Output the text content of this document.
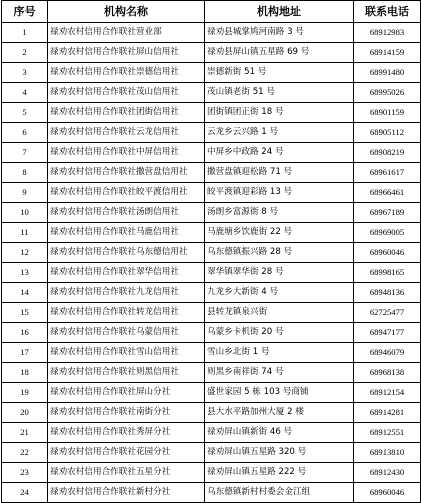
序号	机构名称	机构地址	联系电话
1	禄劝农村信用合作联社营业部	禄劝县城掌鸠河南路 3 号	68912983
2	禄劝农村信用合作联社屏山信用社	禄劝县屏山镇五星路 69 号	68914159
3	禄劝农村信用合作联社崇德信用社	崇德新街 51 号	68991480
4	禄劝农村信用合作联社茂山信用社	茂山镇老街 51 号	68995026
5	禄劝农村信用合作联社团街信用社	团街镇团正街 18 号	68901159
6	禄劝农村信用合作联社云龙信用社	云龙乡云兴路 1 号	68905112
7	禄劝农村信用合作联社中屏信用社	中屏乡中政路 24 号	68908219
8	禄劝农村信用合作联社撒营盘信用社	撒营盘镇迎松路 71 号	68961617
9	禄劝农村信用合作联社皎平渡信用社	皎平渡镇迎彩路 13 号	68966461
10	禄劝农村信用合作联社汤朗信用社	汤朗乡富源街 8 号	68967189
11	禄劝农村信用合作联社马鹿信用社	马鹿塘乡饮鹿街 22 号	68969005
12	禄劝农村信用合作联社乌东德信用社	乌东德镇振兴路 28 号	68960046
13	禄劝农村信用合作联社翠华信用社	翠华镇翠华街 28 号	68998165
14	禄劝农村信用合作联社九龙信用社	九龙乡大新街 4 号	68948136
15	禄劝农村信用合作联社转龙信用社	县转龙镇泉兴街	62725477
16	禄劝农村信用合作联社乌蒙信用社	乌蒙乡卡机街 20 号	68947177
17	禄劝农村信用合作联社雪山信用社	雪山乡北街 1 号	68946079
18	禄劝农村信用合作联社则黑信用社	则黑乡南祥街 74 号	68968138
19	禄劝农村信用合作联社屏山分社	盛世家园 5 栋 103 号商铺	68912154
20	禄劝农村信用合作联社南街分社	县大水平路加州大厦 2 楼	68914281
21	禄劝农村信用合作联社秀屏分社	禄劝屏山镇新街 46 号	68912551
22	禄劝农村信用合作联社花园分社	禄劝屏山镇五星路 320 号	68913810
23	禄劝农村信用合作联社五星分社	禄劝屏山镇五星路 222 号	68912430
24	禄劝农村信用合作联社新村分社	乌东德镇新村村委会金江组	68960046
